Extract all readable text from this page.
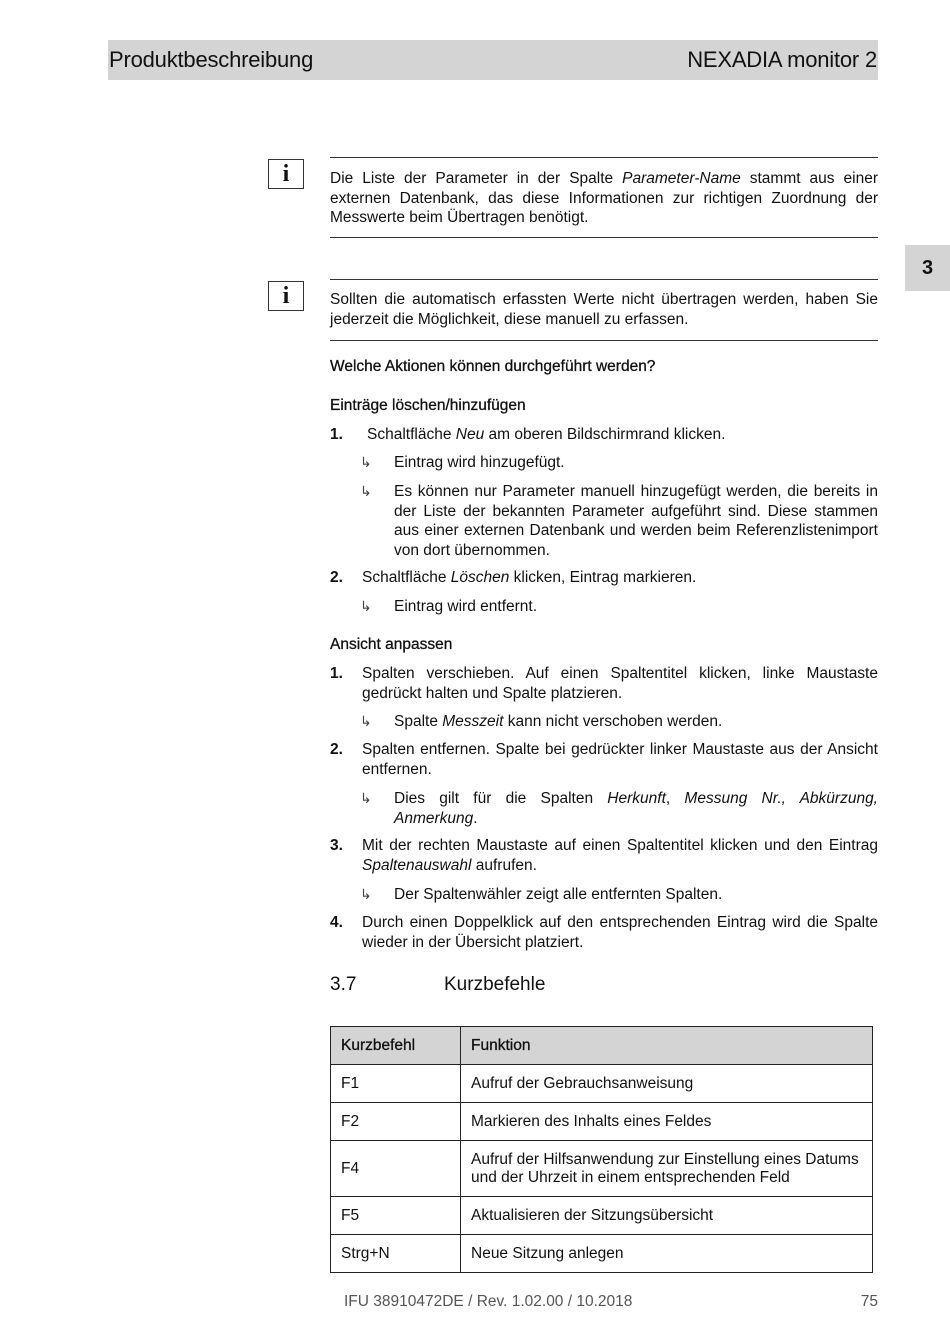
Produktbeschreibung	NEXADIA monitor 2
3
i	Die Liste der Parameter in der Spalte Parameter-Name stammt aus einer externen Datenbank, das diese Informationen zur richtigen Zuordnung der Messwerte beim Übertragen benötigt.

i	Sollten die automatisch erfassten Werte nicht übertragen werden, haben Sie jederzeit die Möglichkeit, diese manuell zu erfassen.

Welche Aktionen können durchgeführt werden?

Einträge löschen/hinzufügen

1. Schaltfläche Neu am oberen Bildschirmrand klicken.

↳ Eintrag wird hinzugefügt.

↳ Es können nur Parameter manuell hinzugefügt werden, die bereits in der Liste der bekannten Parameter aufgeführt sind. Diese stammen aus einer externen Datenbank und werden beim Referenzlistenimport von dort übernommen.

2. Schaltfläche Löschen klicken, Eintrag markieren.

↳ Eintrag wird entfernt.

Ansicht anpassen

1. Spalten verschieben. Auf einen Spaltentitel klicken, linke Maustaste gedrückt halten und Spalte platzieren.

↳ Spalte Messzeit kann nicht verschoben werden.

2. Spalten entfernen. Spalte bei gedrückter linker Maustaste aus der Ansicht entfernen.

↳ Dies gilt für die Spalten Herkunft, Messung Nr., Abkürzung, Anmerkung.

3. Mit der rechten Maustaste auf einen Spaltentitel klicken und den Eintrag Spaltenauswahl aufrufen.

↳ Der Spaltenwähler zeigt alle entfernten Spalten.

4. Durch einen Doppelklick auf den entsprechenden Eintrag wird die Spalte wieder in der Übersicht platziert.

3.7	Kurzbefehle
Kurzbefehl	Funktion
F1	Aufruf der Gebrauchsanweisung
F2	Markieren des Inhalts eines Feldes
F4	Aufruf der Hilfsanwendung zur Einstellung eines Datums und der Uhrzeit in einem entsprechenden Feld
F5	Aktualisieren der Sitzungsübersicht
Strg+N	Neue Sitzung anlegen
IFU 38910472DE / Rev. 1.02.00 / 10.2018	75
